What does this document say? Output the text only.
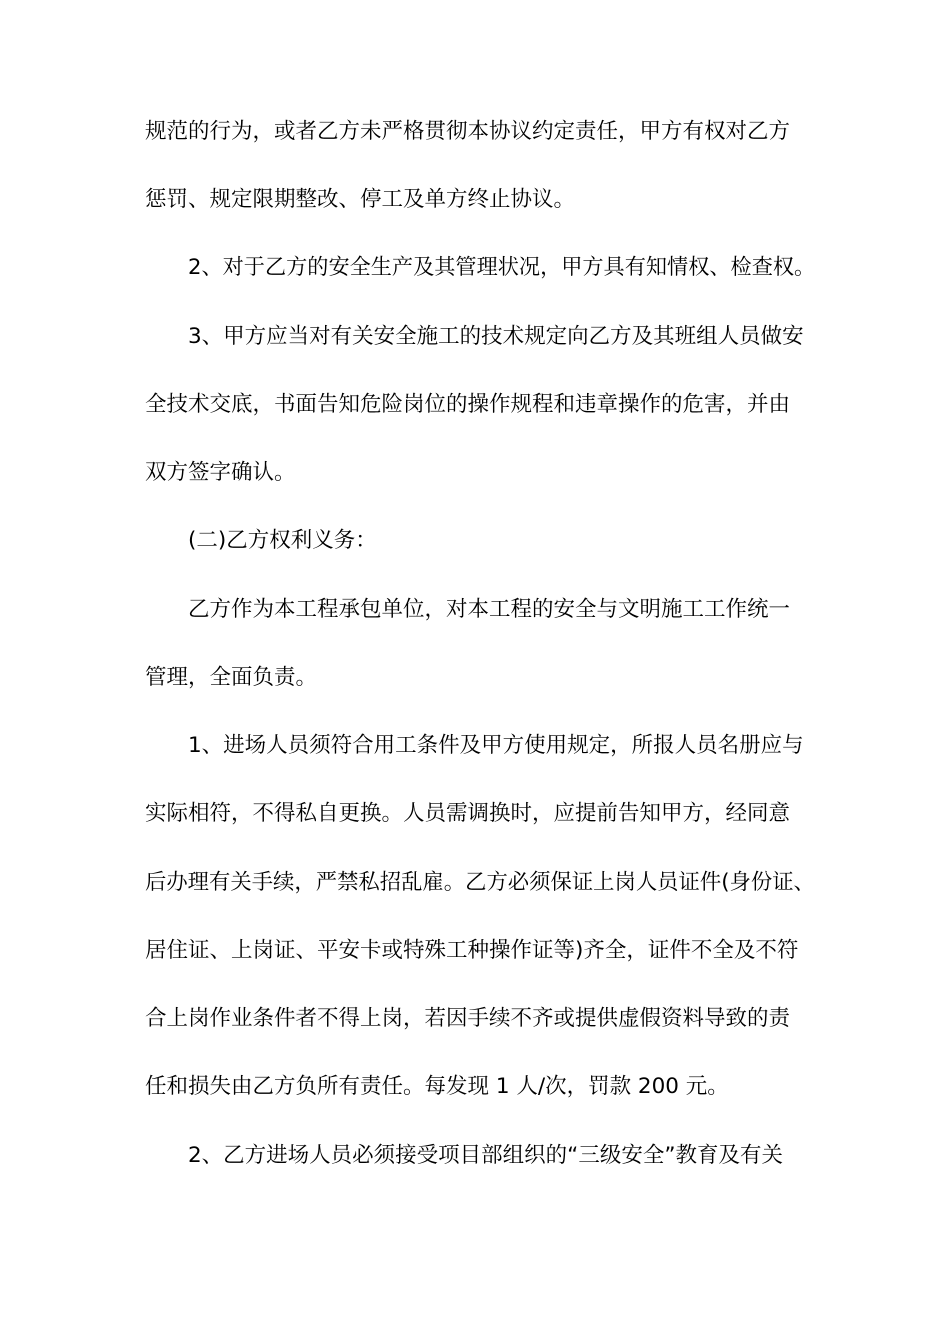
规范的行为，或者乙方未严格贯彻本协议约定责任，甲方有权对乙方
惩罚、规定限期整改、停工及单方终止协议。
2、对于乙方的安全生产及其管理状况，甲方具有知情权、检查权。
3、甲方应当对有关安全施工的技术规定向乙方及其班组人员做安
全技术交底，书面告知危险岗位的操作规程和违章操作的危害，并由
双方签字确认。
(二)乙方权利义务：
乙方作为本工程承包单位，对本工程的安全与文明施工工作统一
管理，全面负责。
1、进场人员须符合用工条件及甲方使用规定，所报人员名册应与
实际相符，不得私自更换。人员需调换时，应提前告知甲方，经同意
后办理有关手续，严禁私招乱雇。乙方必须保证上岗人员证件(身份证、
居住证、上岗证、平安卡或特殊工种操作证等)齐全，证件不全及不符
合上岗作业条件者不得上岗，若因手续不齐或提供虚假资料导致的责
任和损失由乙方负所有责任。每发现 1 人/次，罚款 200 元。
2、乙方进场人员必须接受项目部组织的“三级安全”教育及有关
